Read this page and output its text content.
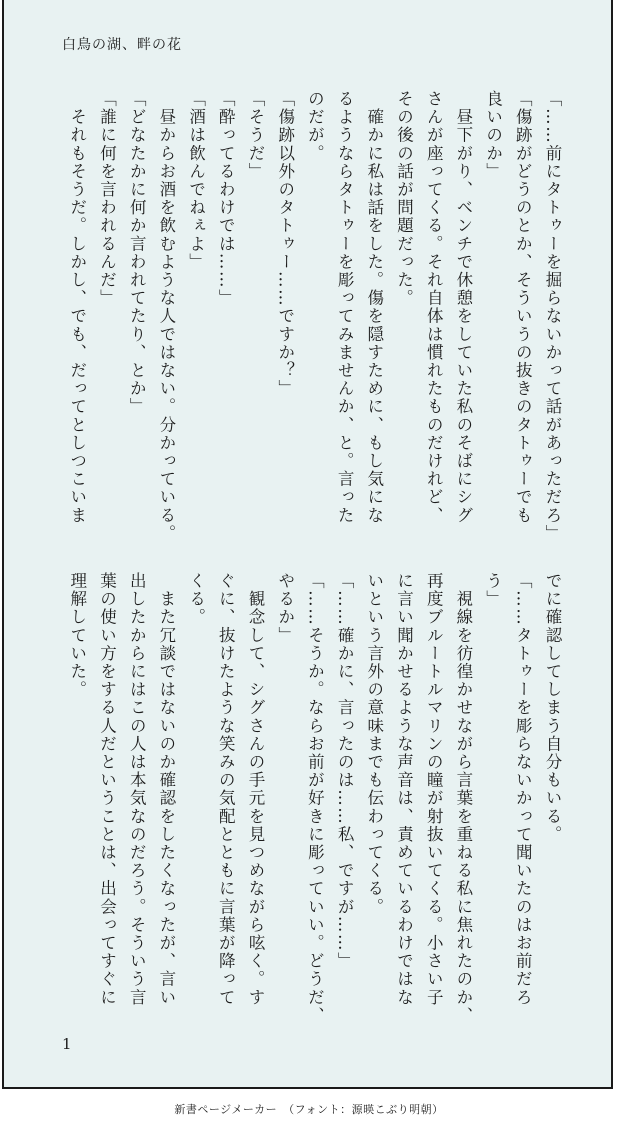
白鳥の湖、畔の花
1
「……前にタトゥーを掘らないかって話があっただろ」
「傷跡がどうのとか、そういうの抜きのタトゥーでも
良いのか」
　昼下がり、ベンチで休憩をしていた私のそばにシグ
さんが座ってくる。それ自体は慣れたものだけれど、
その後の話が問題だった。
　確かに私は話をした。傷を隠すために、もし気にな
るようならタトゥーを彫ってみませんか、と。言った
のだが。
「傷跡以外のタトゥー……ですか？」
「そうだ」
「酔ってるわけでは……」
「酒は飲んでねぇよ」
　昼からお酒を飲むような人ではない。分かっている。
「どなたかに何か言われてたり、とか」
「誰に何を言われるんだ」
　それもそうだ。しかし、でも、だってとしつこいま
でに確認してしまう自分もいる。
「……タトゥーを彫らないかって聞いたのはお前だろ
う」
　視線を彷徨かせながら言葉を重ねる私に焦れたのか、
再度ブルートルマリンの瞳が射抜いてくる。小さい子
に言い聞かせるような声音は、責めているわけではな
いという言外の意味までも伝わってくる。
「……確かに、言ったのは……私、ですが……」
「……そうか。ならお前が好きに彫っていい。どうだ、
やるか」
　観念して、シグさんの手元を見つめながら呟く。す
ぐに、抜けたような笑みの気配とともに言葉が降って
くる。
　また冗談ではないのか確認をしたくなったが、言い
出したからにはこの人は本気なのだろう。そういう言
葉の使い方をする人だということは、出会ってすぐに
理解していた。
新書ページメーカー　（フォント：源暎こぶり明朝）
